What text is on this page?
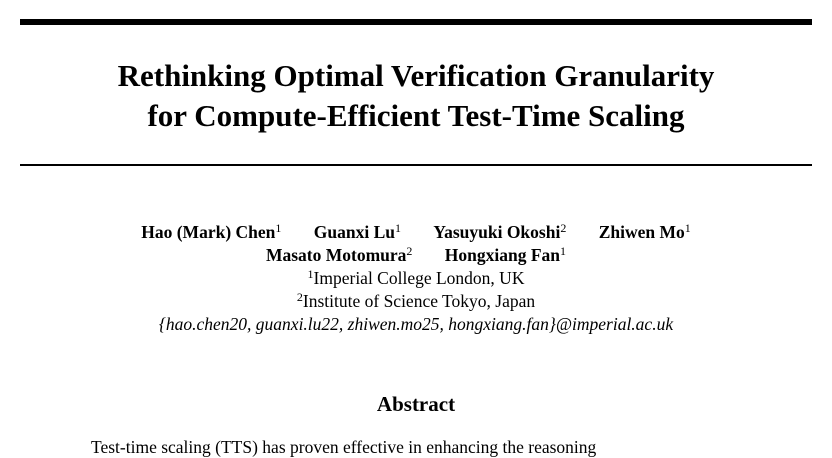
Rethinking Optimal Verification Granularity
for Compute-Efficient Test-Time Scaling
Hao (Mark) Chen$^1$ Guanxi Lu$^1$ Yasuyuki Okoshi$^2$ Zhiwen Mo$^1$
Masato Motomura$^2$ Hongxiang Fan$^1$
$^1$Imperial College London, UK
$^2$Institute of Science Tokyo, Japan
{hao.chen20, guanxi.lu22, zhiwen.mo25, hongxiang.fan}@imperial.ac.uk
Abstract
Test-time scaling (TTS) has proven effective in enhancing the reasoning
